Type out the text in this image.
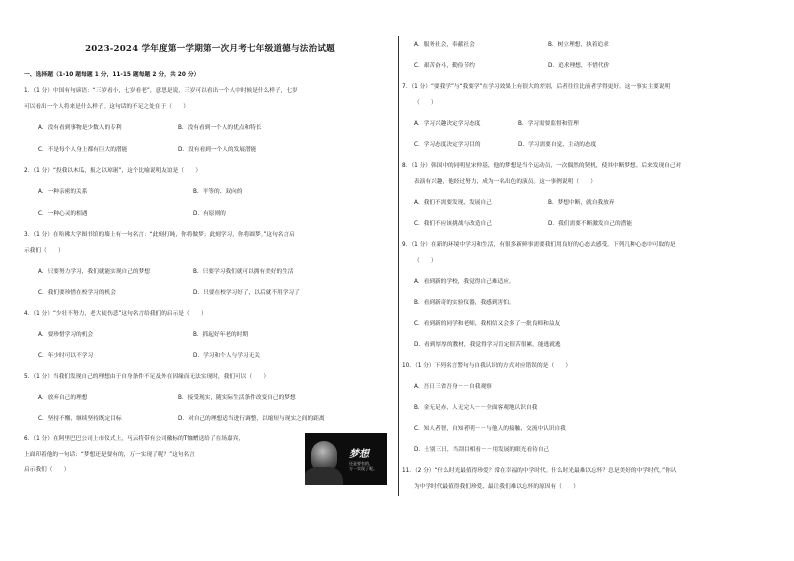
2023-2024 学年度第一学期第一次月考七年级道德与法治试题
一、选择题（1-10 题每题 1 分，11-15 题每题 2 分，共 20 分）
1．（1 分）中国有句谚语：“三岁看小，七岁看老”。意思是说，三岁可以看出一个人中时候是什么样子，七岁
可以看出一个人将来是什么样子。这句话的不足之处在于（　　）
A．没有看到事物是少数人的专利	B．没有看到一个人的优点和特长
C．不是每个人身上都有巨大的潜能	D．没有看到一个人的发展潜能
2．（1 分）“投我以木瓜，报之以琼琚”，这个比喻说明友谊是（　　）
A．一种亲密的关系	B．平等的、双向的
C．一种心灵的相遇	D．有原则的
3．（1 分）在哈佛大学图书馆的墙上有一句名言：“此刻打盹，你将做梦；此刻学习，你将圆梦。”这句名言启
示我们（　　）
A．只要努力学习，我们就能实现自己的梦想	B．只要学习我们就可以拥有美好的生活
C．我们要珍惜在校学习的机会	D．只要在校学习好了，以后就不用学习了
4．（1 分）“少壮不努力，老大徒伤悲”这句名言给我们的启示是（　　）
A．要珍惜学习的机会	B．抓起好年老的时期
C．年少时可以不学习	D．学习和个人与学习无关
5．（1 分）当我们发现自己的理想由于自身条件不足及外在因缘而无法实现时，我们可以（　　）
A．放弃自己的理想	B．接受现实，随实际生活条件改变自己的梦想
C．坚持不懈，继续坚持既定目标	D．对自己的理想适当进行调整，以缩短与现实之间的距离
6．（1 分）在阿里巴巴公司上市仪式上，马云将带有公司徽标的T恤赠送给了在场嘉宾，
上面印着他的一句话：“梦想还是要有的，万一实现了呢？”这句名言
启示我们（　　）
梦想
还是要有的，
万一实现了呢。
A．服务社会，奉献社会	B．树立理想，执着追求
C．艰苦奋斗，勤俭节约	D．追求理想，不惜代价
7．（1 分）“要我学”与“我要学”在学习效果上有很大的差别，后者往往比前者学得更好。这一事实主要说明
（　　）
A．学习兴趣决定学习态度	B．学习需要监督和管理
C．学习态度决定学习目的	D．学习需要自觉、主动的态度
8．（1 分）韩国中的同明星宋仲基，他的梦想是当个运动员，一次偶然的契机，使其中断梦想。后来发现自己对
表演有兴趣，他经过努力，成为一名出色的演员。这一事例说明（　　）
A．我们不需要发现、发展自己	B．梦想中断，就自我放弃
C．我们不应该挑战与改造自己	D．我们需要不断激发自己的潜能
9．（1 分）在新的环境中学习和生活，有很多新鲜事需要我们用良好的心态去感受。下列几种心态中可取的是
（　　）
A．看到新的学校，我觉得自己难适应。
B．看到新奇的实验仪器，我感到害怕。
C．看到新的同学和老师，我相信又会多了一批良师和益友
D．看到厚厚的教材，我觉得学习肯定很苦很累，能逃就逃
10．（1 分）下列名言警句与自我认识的方式对应错误的是（　　）
A．吾日三省吾身－－自我观察
B．金无足赤，人无完人－－全面客观地认识自我
C．知人者智，自知者明－－与他人的接触、交流中认识自我
D．士别三日，当刮目相看－－用发展的眼光看待自己
11．（2 分）“什么时光最值得珍爱？常在幸福的中学时代。什么时光最难以忘怀？总是美好的中学时代。”你认
为中学时代最值得我们珍爱、最让我们难以忘怀的原因有（　　）
